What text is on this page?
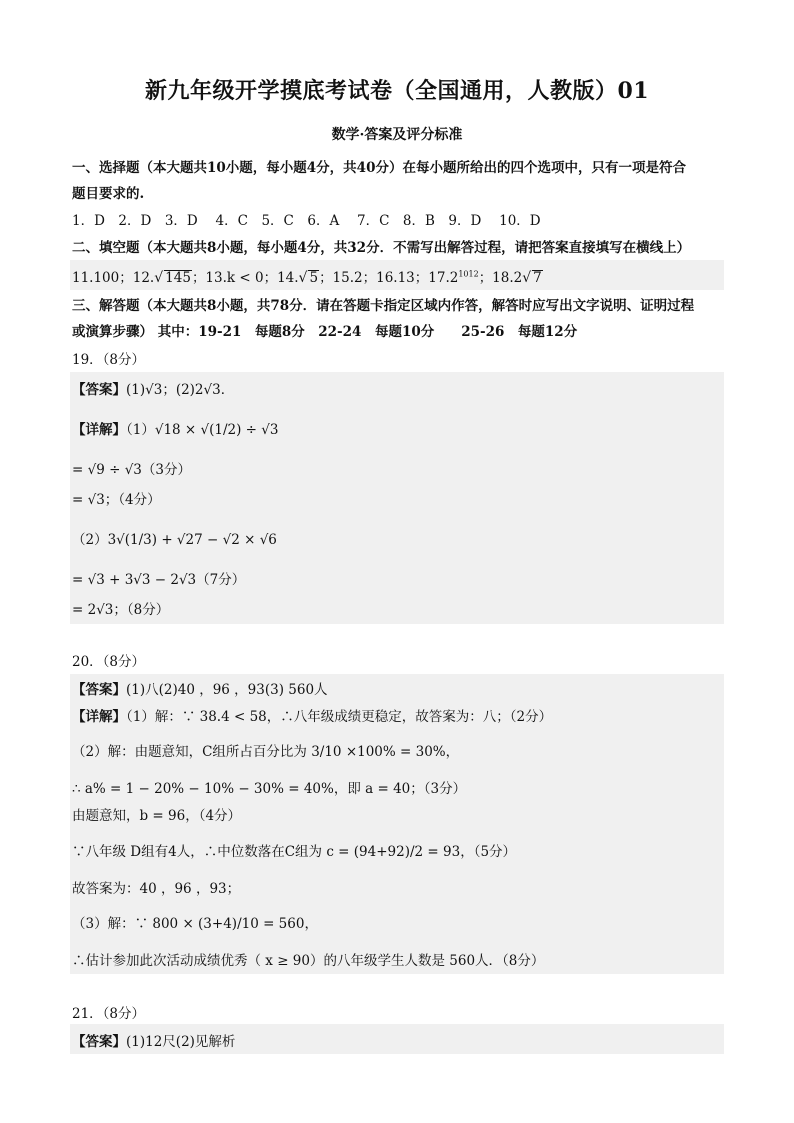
新九年级开学摸底考试卷（全国通用，人教版）01
数学·答案及评分标准
一、选择题（本大题共10小题，每小题4分，共40分）在每小题所给出的四个选项中，只有一项是符合
题目要求的.
1．D　2．D　3．D　 4．C　5．C　6．A　 7．C　8．B　9．D　 10．D
二、填空题（本大题共8小题，每小题4分，共32分．不需写出解答过程，请把答案直接填写在横线上）
11.100；12.√ 145；13.k < 0；14.√ 5；15.2；16.13；$17.2^{1012}$；18.2√ 7
三、解答题（本大题共8小题，共78分．请在答题卡指定区域内作答，解答时应写出文字说明、证明过程
或演算步骤） 其中：19-21　每题8分　22-24　每题10分　　25-26　每题12分
19．（8分）
【答案】(1)√3；(2)2√3．
【详解】（1）√18 × √(1/2) ÷ √3
= √9 ÷ √3（3分）
= √3；（4分）
（2）3√(1/3) + √27 − √2 × √6
= √3 + 3√3 − 2√3（7分）
= 2√3；（8分）
20．（8分）
【答案】(1)八(2)40 ，96 ，93(3) 560人
【详解】（1）解：∵ 38.4 < 58，∴八年级成绩更稳定，故答案为：八；（2分）
（2）解：由题意知，C组所占百分比为 3/10 ×100% = 30%，
∴ a% = 1 − 20% − 10% − 30% = 40%，即 a = 40；（3分）
由题意知，b = 96，（4分）
∵八年级 D组有4人，∴中位数落在C组为 c = (94+92)/2 = 93，（5分）
故答案为：40 ，96 ，93；
（3）解：∵ 800 × (3+4)/10 = 560，
∴估计参加此次活动成绩优秀（ x ≥ 90）的八年级学生人数是 560人．（8分）
21．（8分）
【答案】(1)12尺(2)见解析
